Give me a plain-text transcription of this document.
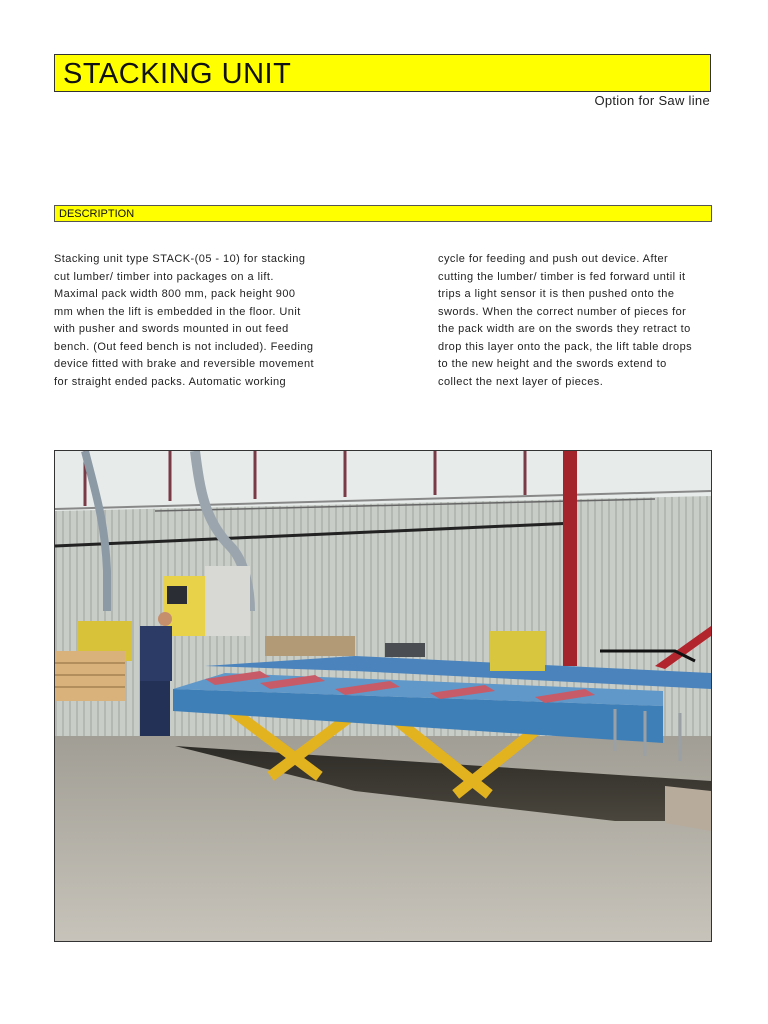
STACKING UNIT
Option for Saw line
DESCRIPTION
Stacking unit type STACK-(05 - 10) for stacking
cut lumber/ timber into packages on a lift.
Maximal pack width 800 mm, pack height 900
mm when the lift is embedded in the floor. Unit
with pusher and swords mounted in out feed
bench. (Out feed bench is not included). Feeding
device fitted with brake and reversible movement
for straight ended packs. Automatic working
cycle for feeding and push out device. After
cutting the lumber/ timber is fed forward until it
trips a light sensor it is then pushed onto the
swords. When the correct number of pieces for
the pack width are on the swords they retract to
drop this layer onto the pack, the lift table drops
to the new height and the swords extend to
collect the next layer of pieces.
